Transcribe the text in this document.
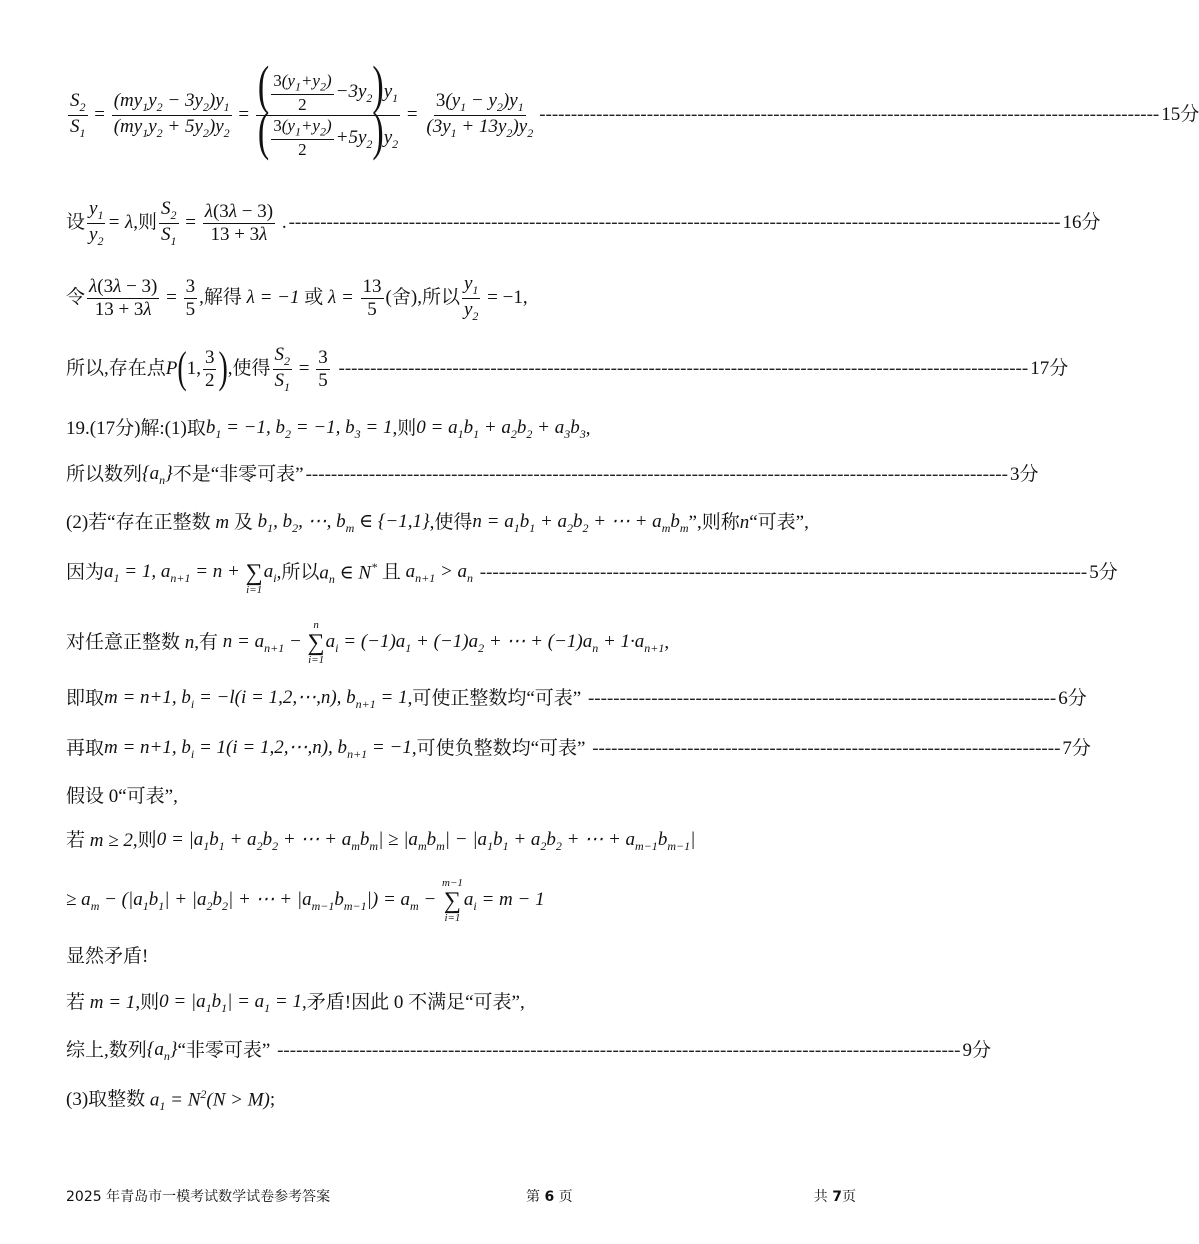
$\frac{S_2}{S_1} = \frac{(my_1y_2 - 3y_2)y_1}{(my_1y_2 + 5y_2)y_2} = \frac{( \frac{3(y_1+y_2)}{2} -3y_2)y_1}{( \frac{3(y_1+y_2)}{2} +5y_2)y_2} = \frac{3(y_1 - y_2)y_1}{(3y_1 + 13y_2)y_2}$ -------------------------------------------------------------------------------------------------- 15分
设 $\frac{y_1}{y_2} = \lambda$ ,则 $\frac{S_2}{S_1} = \frac{\lambda(3\lambda - 3)}{13 + 3\lambda}$ . -------------------------------------------------------------------------------------------------------------------------- 16分
令 $\frac{\lambda(3\lambda - 3)}{13 + 3\lambda} = \frac{3}{5}$ ,解得 λ = −1 或 $\lambda = \frac{13}{5}$ (舍) ,所以 $\frac{y_1}{y_2} = -1$ ,
所以,存在点 P ( 1, $\frac{3}{2}$ ) ,使得 $\frac{S_2}{S_1} = \frac{3}{5}$ ------------------------------------------------------------------------------------------------------------- 17分
19.(17分)解:(1)取 $b_1 = -1$, $b_2 = -1$, $b_3 = 1$ ,则 $0 = a_1b_1 + a_2b_2 + a_3b_3$ ,
所以数列 $\{a_n\}$ 不是“非零可表” --------------------------------------------------------------------------------------------------------------- 3分
(2)若“存在正整数 m 及 $b_1$, $b_2$, ⋯, $b_m$ ∈ {−1,1} ,使得 $n = a_1b_1 + a_2b_2$ + ⋯ + $a_mb_m$ ”,则称 n “可表”,
因为 $a_1 = 1$, $a_{n+1} = n$ +
∑
i=1
$a_i$ ,所以 $a_n$ ∈ N* 且 $a_{n+1} > a_n$ ------------------------------------------------------------------------------------------------ 5分
对任意正整数 n ,有 $n = a_{n+1}$ −
n
∑
i=1
$a_i = (-1)a_1 + (-1)a_2$ + ⋯ + $(-1)a_n + 1\cdot a_{n+1}$ ,
即取 m = n+1, $b_i = -l(i$ = 1,2,⋯,n), $b_{n+1} = 1$ ,可使正整数均“可表” -------------------------------------------------------------------------- 6分
再取 m = n+1, $b_i = 1(i$ = 1,2,⋯,n), $b_{n+1} = -1$ ,可使负整数均“可表” -------------------------------------------------------------------------- 7分
假设 0“可表”,
若 m ≥ 2 ,则 $0 = |a_1b_1 + a_2b_2$ + ⋯ + $a_mb_m| \ge |a_mb_m| - |a_1b_1 + a_2b_2$ + ⋯ + $a_{m-1}b_{m-1}|$
≥ $a_m - (|a_1b_1| + |a_2b_2|$ + ⋯ + $|a_{m-1}b_{m-1}|) = a_m$ −
m−1
∑
i=1
$a_i = m - 1$
显然矛盾!
若 m = 1 ,则 $0 = |a_1b_1| = a_1 = 1$ ,矛盾!因此 0 不满足“可表”,
综上,数列 $\{a_n\}$ “非零可表” ------------------------------------------------------------------------------------------------------------ 9分
(3)取整数 $a_1 = N^2(N > M)$ ;
2025 年青岛市一模考试数学试卷参考答案	第 6 页	共 7页
